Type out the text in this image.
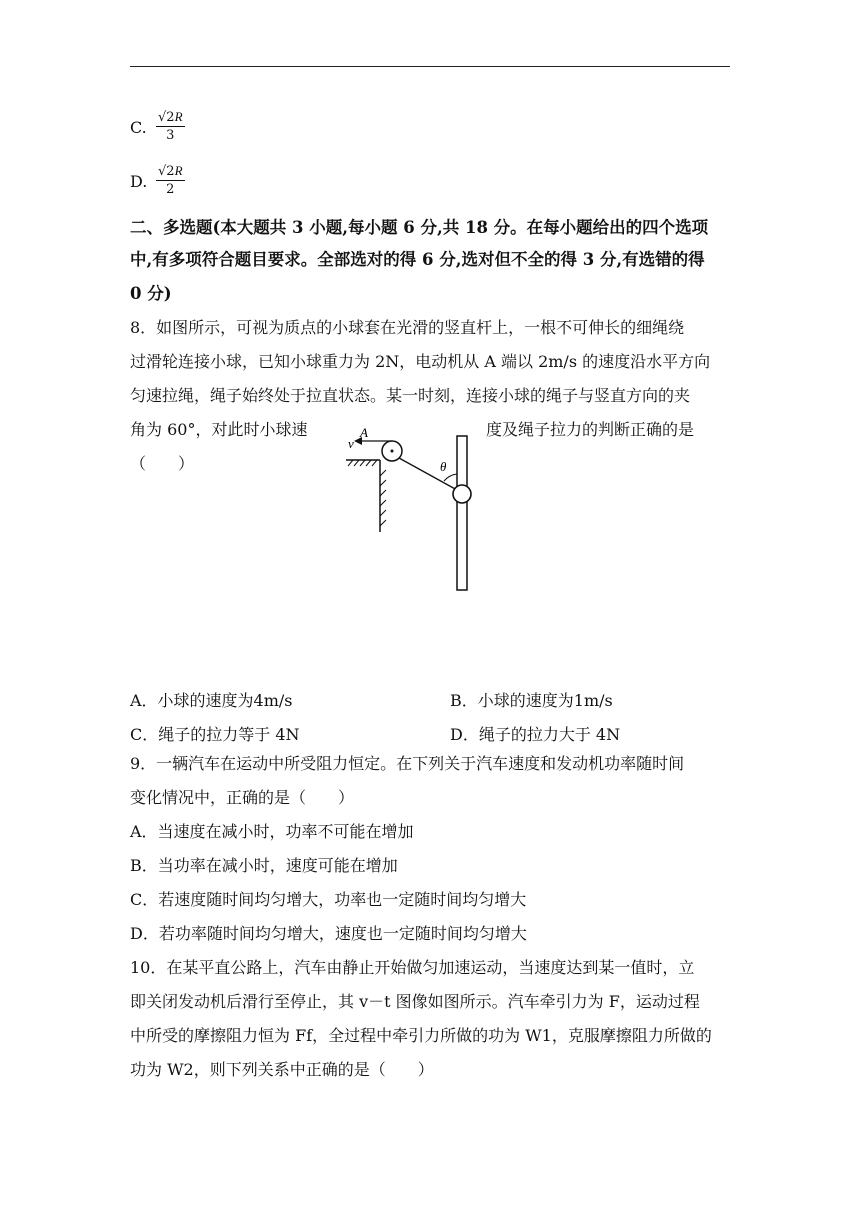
C. $\frac{√2R}{3}$
D. $\frac{√2R}{2}$
二、多选题(本大题共 3 小题,每小题 6 分,共 18 分。在每小题给出的四个选项
中,有多项符合题目要求。全部选对的得 6 分,选对但不全的得 3 分,有选错的得
0 分)
8．如图所示，可视为质点的小球套在光滑的竖直杆上，一根不可伸长的细绳绕
过滑轮连接小球，已知小球重力为 2N，电动机从 A 端以 2m/s 的速度沿水平方向
匀速拉绳，绳子始终处于拉直状态。某一时刻，连接小球的绳子与竖直方向的夹
角为 60°，对此时小球速	度及绳子拉力的判断正确的是
（　　）
v
A
θ
A．小球的速度为4m/s	B．小球的速度为1m/s
C．绳子的拉力等于 4N	D．绳子的拉力大于 4N
9．一辆汽车在运动中所受阻力恒定。在下列关于汽车速度和发动机功率随时间
变化情况中，正确的是（　　）
A．当速度在减小时，功率不可能在增加
B．当功率在减小时，速度可能在增加
C．若速度随时间均匀增大，功率也一定随时间均匀增大
D．若功率随时间均匀增大，速度也一定随时间均匀增大
10．在某平直公路上，汽车由静止开始做匀加速运动，当速度达到某一值时，立
即关闭发动机后滑行至停止，其 v－t 图像如图所示。汽车牵引力为 F，运动过程
中所受的摩擦阻力恒为 Ff，全过程中牵引力所做的功为 W1，克服摩擦阻力所做的
功为 W2，则下列关系中正确的是（　　）
